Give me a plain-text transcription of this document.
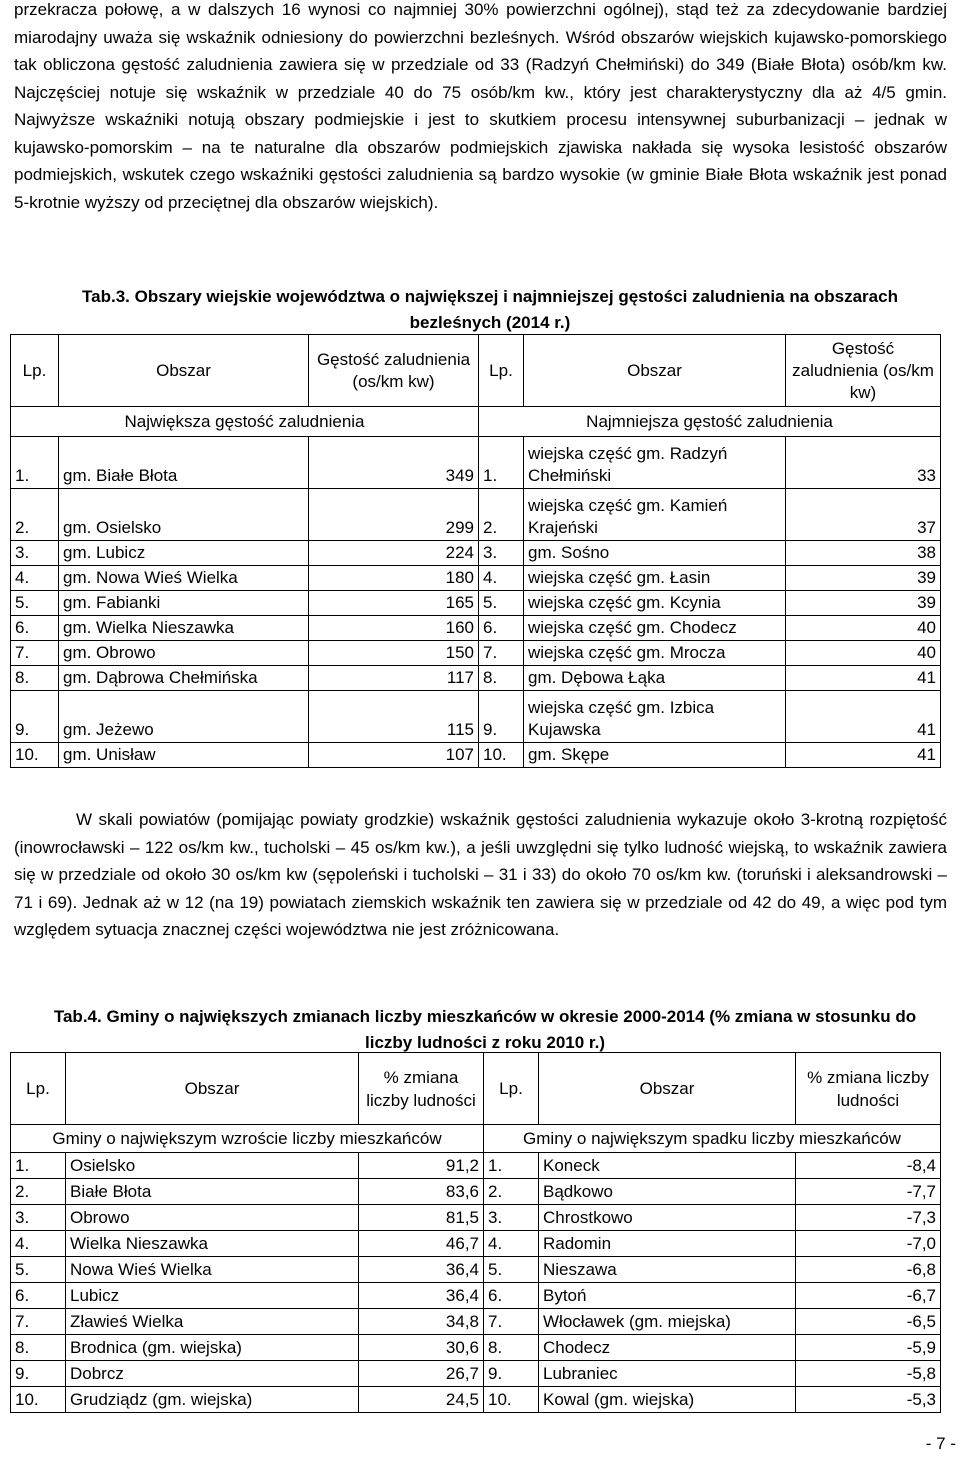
przekracza połowę, a w dalszych 16 wynosi co najmniej 30% powierzchni ogólnej), stąd też za zdecydowanie bardziej miarodajny uważa się wskaźnik odniesiony do powierzchni bezleśnych. Wśród obszarów wiejskich kujawsko-pomorskiego tak obliczona gęstość zaludnienia zawiera się w przedziale od 33 (Radzyń Chełmiński) do 349 (Białe Błota) osób/km kw. Najczęściej notuje się wskaźnik w przedziale 40 do 75 osób/km kw., który jest charakterystyczny dla aż 4/5 gmin. Najwyższe wskaźniki notują obszary podmiejskie i jest to skutkiem procesu intensywnej suburbanizacji – jednak w kujawsko-pomorskim – na te naturalne dla obszarów podmiejskich zjawiska nakłada się wysoka lesistość obszarów podmiejskich, wskutek czego wskaźniki gęstości zaludnienia są bardzo wysokie (w gminie Białe Błota wskaźnik jest ponad 5-krotnie wyższy od przeciętnej dla obszarów wiejskich).

Tab.3. Obszary wiejskie województwa o największej i najmniejszej gęstości zaludnienia na obszarach bezleśnych (2014 r.)

Lp.	Obszar	Gęstość zaludnienia (os/km kw)	Lp.	Obszar	Gęstość zaludnienia (os/km kw)
Największa gęstość zaludnienia			Najmniejsza gęstość zaludnienia		
1.	gm. Białe Błota	349	1.	wiejska część gm. Radzyń Chełmiński	33
2.	gm. Osielsko	299	2.	wiejska część gm. Kamień Krajeński	37
3.	gm. Lubicz	224	3.	gm. Sośno	38
4.	gm. Nowa Wieś Wielka	180	4.	wiejska część gm. Łasin	39
5.	gm. Fabianki	165	5.	wiejska część gm. Kcynia	39
6.	gm. Wielka Nieszawka	160	6.	wiejska część gm. Chodecz	40
7.	gm. Obrowo	150	7.	wiejska część gm. Mrocza	40
8.	gm. Dąbrowa Chełmińska	117	8.	gm. Dębowa Łąka	41
9.	gm. Jeżewo	115	9.	wiejska część gm. Izbica Kujawska	41
10.	gm. Unisław	107	10.	gm. Skępe	41

W skali powiatów (pomijając powiaty grodzkie) wskaźnik gęstości zaludnienia wykazuje około 3-krotną rozpiętość (inowrocławski – 122 os/km kw., tucholski – 45 os/km kw.), a jeśli uwzględni się tylko ludność wiejską, to wskaźnik zawiera się w przedziale od około 30 os/km kw (sępoleński i tucholski – 31 i 33) do około 70 os/km kw. (toruński i aleksandrowski – 71 i 69). Jednak aż w 12 (na 19) powiatach ziemskich wskaźnik ten zawiera się w przedziale od 42 do 49, a więc pod tym względem sytuacja znacznej części województwa nie jest zróżnicowana.

Tab.4. Gminy o największych zmianach liczby mieszkańców w okresie 2000-2014 (% zmiana w stosunku do liczby ludności z roku 2010 r.)

Lp.	Obszar	% zmiana liczby ludności	Lp.	Obszar	% zmiana liczby ludności
Gminy o największym wzroście liczby mieszkańców			Gminy o największym spadku liczby mieszkańców		
1.	Osielsko	91,2	1.	Koneck	-8,4
2.	Białe Błota	83,6	2.	Bądkowo	-7,7
3.	Obrowo	81,5	3.	Chrostkowo	-7,3
4.	Wielka Nieszawka	46,7	4.	Radomin	-7,0
5.	Nowa Wieś Wielka	36,4	5.	Nieszawa	-6,8
6.	Lubicz	36,4	6.	Bytoń	-6,7
7.	Zławieś Wielka	34,8	7.	Włocławek (gm. miejska)	-6,5
8.	Brodnica (gm. wiejska)	30,6	8.	Chodecz	-5,9
9.	Dobrcz	26,7	9.	Lubraniec	-5,8
10.	Grudziądz (gm. wiejska)	24,5	10.	Kowal (gm. wiejska)	-5,3
- 7 -
